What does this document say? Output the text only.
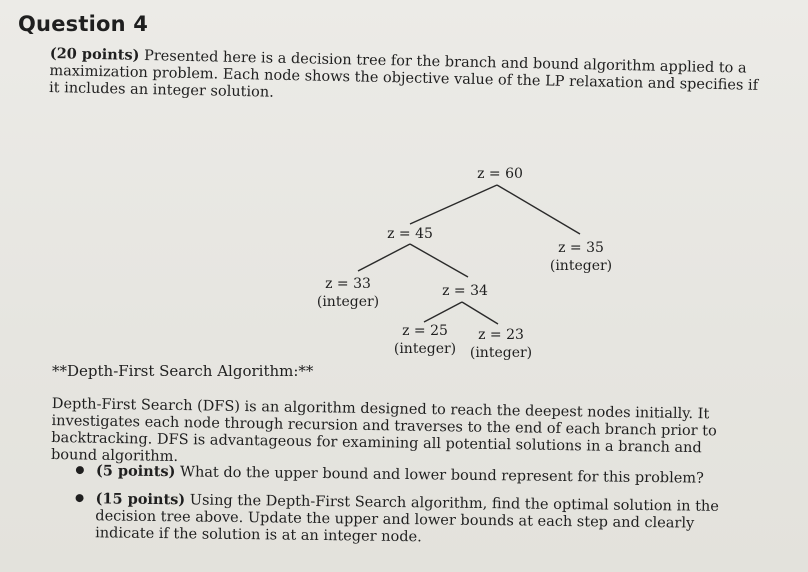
Question 4
(20 points) Presented here is a decision tree for the branch and bound algorithm applied to a maximization problem. Each node shows the objective value of the LP relaxation and specifies if it includes an integer solution.
z = 60
z = 45
z = 35
(integer)
z = 33
(integer)
z = 34
z = 25
(integer)
z = 23
(integer)
**Depth-First Search Algorithm:**
Depth-First Search (DFS) is an algorithm designed to reach the deepest nodes initially. It investigates each node through recursion and traverses to the end of each branch prior to backtracking. DFS is advantageous for examining all potential solutions in a branch and bound algorithm.
(5 points) What do the upper bound and lower bound represent for this problem?
(15 points) Using the Depth-First Search algorithm, find the optimal solution in the decision tree above. Update the upper and lower bounds at each step and clearly indicate if the solution is at an integer node.
